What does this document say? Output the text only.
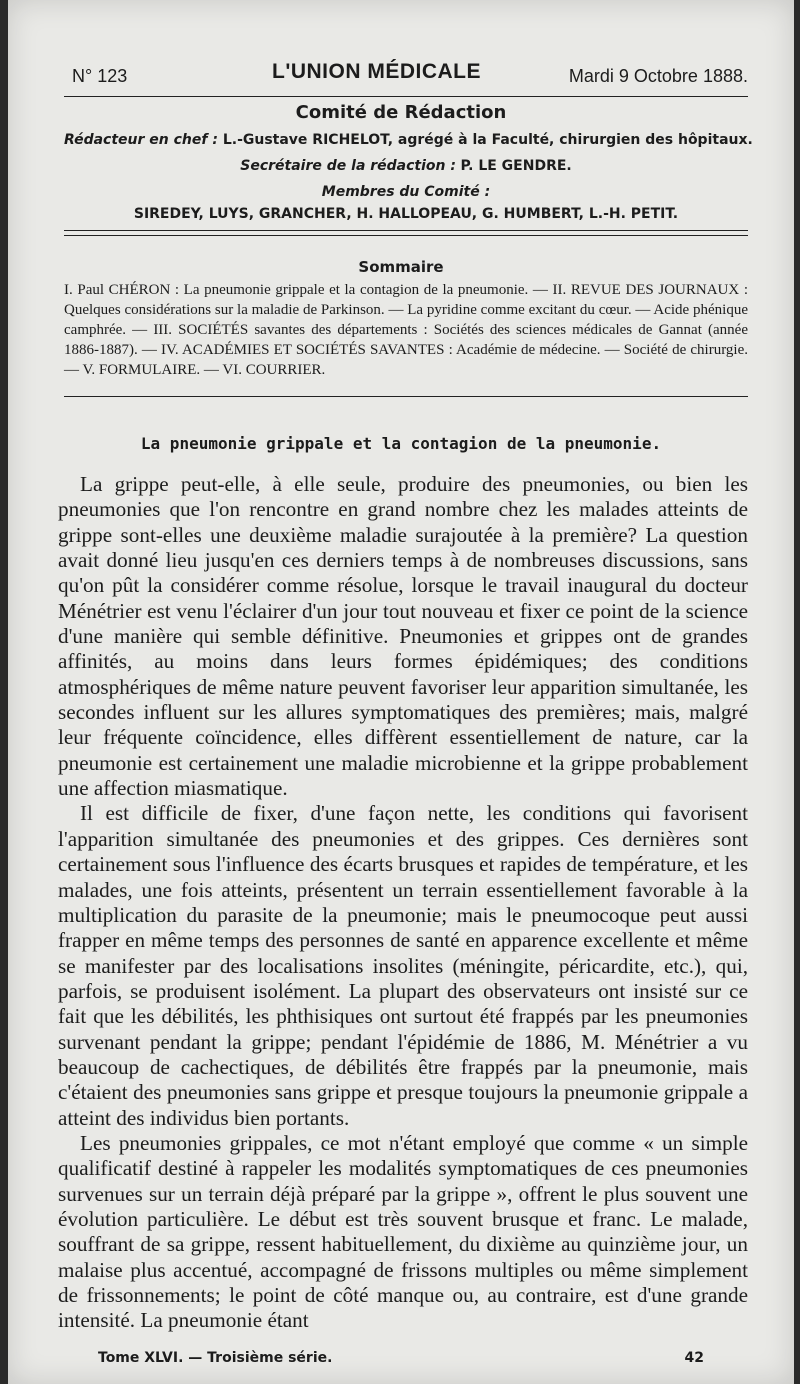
N° 123	L'UNION MÉDICALE	Mardi 9 Octobre 1888.
Comité de Rédaction
Rédacteur en chef : L.-Gustave RICHELOT, agrégé à la Faculté, chirurgien des hôpitaux.
Secrétaire de la rédaction : P. LE GENDRE.
Membres du Comité :
SIREDEY, LUYS, GRANCHER, H. HALLOPEAU, G. HUMBERT, L.-H. PETIT.
Sommaire
I. Paul CHÉRON : La pneumonie grippale et la contagion de la pneumonie. — II. REVUE DES JOURNAUX : Quelques considérations sur la maladie de Parkinson. — La pyridine comme excitant du cœur. — Acide phénique camphrée. — III. SOCIÉTÉS savantes des départements : Sociétés des sciences médicales de Gannat (année 1886-1887). — IV. ACADÉMIES ET SOCIÉTÉS SAVANTES : Académie de médecine. — Société de chirurgie. — V. FORMULAIRE. — VI. COURRIER.
La pneumonie grippale et la contagion de la pneumonie.

La grippe peut-elle, à elle seule, produire des pneumonies, ou bien les pneumonies que l'on rencontre en grand nombre chez les malades atteints de grippe sont-elles une deuxième maladie surajoutée à la première? La question avait donné lieu jusqu'en ces derniers temps à de nombreuses discussions, sans qu'on pût la considérer comme résolue, lorsque le travail inaugural du docteur Ménétrier est venu l'éclairer d'un jour tout nouveau et fixer ce point de la science d'une manière qui semble définitive. Pneumonies et grippes ont de grandes affinités, au moins dans leurs formes épidémiques; des conditions atmosphériques de même nature peuvent favoriser leur apparition simultanée, les secondes influent sur les allures symptomatiques des premières; mais, malgré leur fréquente coïncidence, elles diffèrent essentiellement de nature, car la pneumonie est certainement une maladie microbienne et la grippe probablement une affection miasmatique.

Il est difficile de fixer, d'une façon nette, les conditions qui favorisent l'apparition simultanée des pneumonies et des grippes. Ces dernières sont certainement sous l'influence des écarts brusques et rapides de température, et les malades, une fois atteints, présentent un terrain essentiellement favorable à la multiplication du parasite de la pneumonie; mais le pneumocoque peut aussi frapper en même temps des personnes de santé en apparence excellente et même se manifester par des localisations insolites (méningite, péricardite, etc.), qui, parfois, se produisent isolément. La plupart des observateurs ont insisté sur ce fait que les débilités, les phthisiques ont surtout été frappés par les pneumonies survenant pendant la grippe; pendant l'épidémie de 1886, M. Ménétrier a vu beaucoup de cachectiques, de débilités être frappés par la pneumonie, mais c'étaient des pneumonies sans grippe et presque toujours la pneumonie grippale a atteint des individus bien portants.

Les pneumonies grippales, ce mot n'étant employé que comme « un simple qualificatif destiné à rappeler les modalités symptomatiques de ces pneumonies survenues sur un terrain déjà préparé par la grippe », offrent le plus souvent une évolution particulière. Le début est très souvent brusque et franc. Le malade, souffrant de sa grippe, ressent habituellement, du dixième au quinzième jour, un malaise plus accentué, accompagné de frissons multiples ou même simplement de frissonnements; le point de côté manque ou, au contraire, est d'une grande intensité. La pneumonie étant

Tome XLVI. — Troisième série.	42
